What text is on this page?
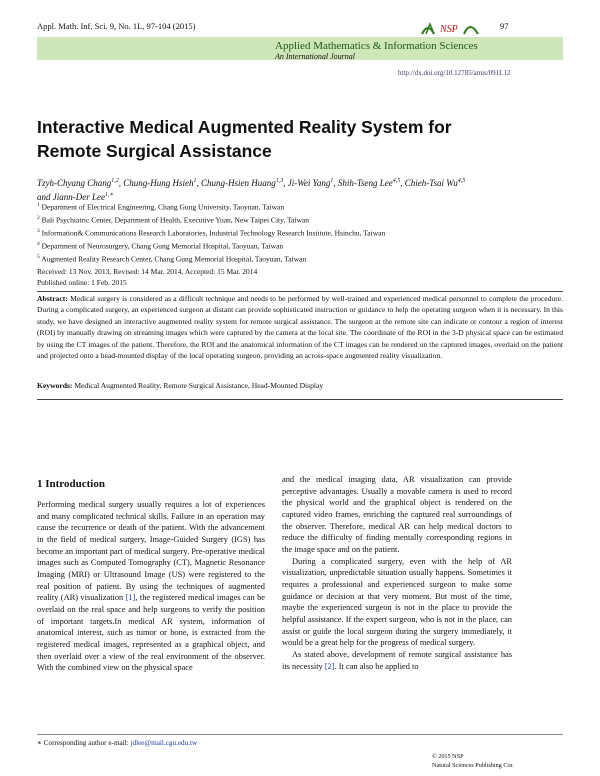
Appl. Math. Inf. Sci. 9, No. 1L, 97-104 (2015)	NSP	97
Applied Mathematics & Information Sciences
An International Journal
http://dx.doi.org/10.12785/amis/091L12
Interactive Medical Augmented Reality System for Remote Surgical Assistance
Tzyh-Chyang Chang$^{1,2}$, Chung-Hung Hsieh$^1$, Chung-Hsien Huang$^{1,3}$, Ji-Wei Yang$^1$, Shih-Tseng Lee$^{4,5}$, Chieh-Tsai Wu$^{4,5}$
and Jiann-Der Lee$^{1,∗}$
$^1$ Department of Electrical Engineering, Chang Gung University, Taoyuan, Taiwan
$^2$ Bali Psychiatric Center, Department of Health, Executive Yuan, New Taipei City, Taiwan
$^3$ Information& Communications Research Laboratories, Industrial Technology Research Institute, Hsinchu, Taiwan
$^4$ Department of Neurosurgery, Chang Gung Memorial Hospital, Taoyuan, Taiwan
$^5$ Augmented Reality Research Center, Chang Gung Memorial Hospital, Taoyuan, Taiwan
Received: 13 Nov. 2013, Revised: 14 Mar. 2014, Accepted: 15 Mar. 2014
Published online: 1 Feb. 2015
Abstract: Medical surgery is considered as a difficult technique and needs to be performed by well-trained and experienced medical personnel to complete the procedure. During a complicated surgery, an experienced surgeon at distant can provide sophisticated instruction or guidance to help the operating surgeon when it is necessary. In this study, we have designed an interactive augmented reality system for remote surgical assistance. The surgeon at the remote site can indicate or contour a region of interest (ROI) by manually drawing on streaming images which were captured by the camera at the local site. The coordinate of the ROI in the 3-D physical space can be estimated by using the CT images of the patient. Therefore, the ROI and the anatomical information of the CT images can be rendered on the captured images, overlaid on the patient and projected onto a head-mounted display of the local operating surgeon, providing an across-space augmented reality visualization.
Keywords: Medical Augmented Reality, Remote Surgical Assistance, Head-Mounted Display
1 Introduction

Performing medical surgery usually requires a lot of experiences and many complicated technical skills. Failure in an operation may cause the recurrence or death of the patient. With the advancement in the field of medical surgery, Image-Guided Surgery (IGS) has become an important part of medical surgery. Pre-operative medical images such as Computed Tomography (CT), Magnetic Resonance Imaging (MRI) or Ultrasound Image (US) were registered to the real position of patient. By using the techniques of augmented reality (AR) visualization [1], the registered medical images can be overlaid on the real space and help surgeons to verify the position of important targets.In medical AR system, information of anatomical interest, such as tumor or bone, is extracted from the registered medical images, represented as a graphical object, and then overlaid over a view of the real environment of the observer. With the combined view on the physical space

and the medical imaging data, AR visualization can provide perceptive advantages. Usually a movable camera is used to record the physical world and the graphical object is rendered on the captured video frames, enriching the captured real surroundings of the observer. Therefore, medical AR can help medical doctors to reduce the difficulty of finding mentally corresponding regions in the image space and on the patient.

During a complicated surgery, even with the help of AR visualization, unpredictable situation usually happens. Sometimes it requires a professional and experienced surgeon to make some guidance or decision at that very moment. But most of the time, maybe the experienced surgeon is not in the place to provide the helpful assistance. If the expert surgeon, who is not in the place, can assist or guide the local surgeon during the surgery immediately, it would be a great help for the progress of medical surgery.

As stated above, development of remote surgical assistance has its necessity [2]. It can also be applied to

∗ Corresponding author e-mail: jdlee@mail.cgu.edu.tw
© 2015 NSP
Natural Sciences Publishing Cor.
